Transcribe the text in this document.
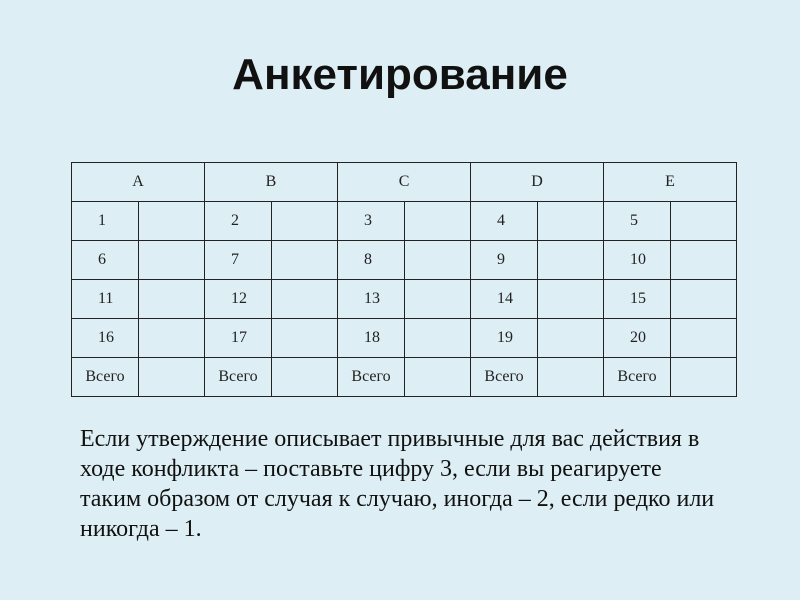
Анкетирование
A		B		C		D		E	
1		2		3		4		5	
6		7		8		9		10	
11		12		13		14		15	
16		17		18		19		20	
Всего		Всего		Всего		Всего		Всего	

Если утверждение описывает привычные для вас действия в ходе конфликта – поставьте цифру 3, если вы реагируете таким образом от случая к случаю, иногда – 2, если редко или никогда – 1.
